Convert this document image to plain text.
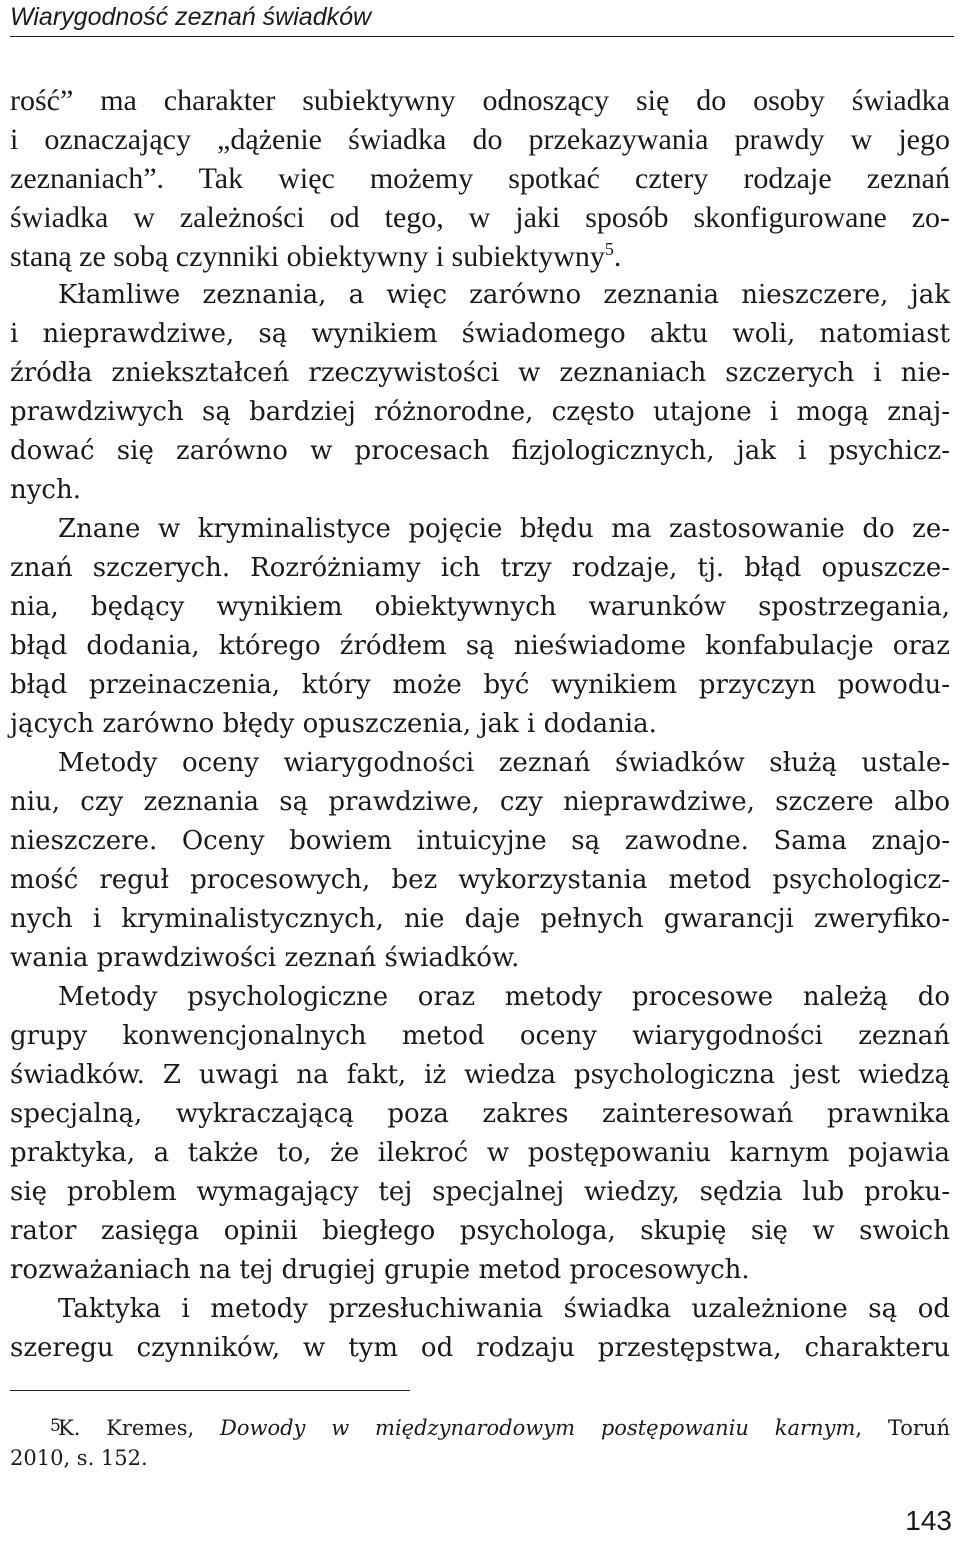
Wiarygodność zeznań świadków
rość” ma charakter subiektywny odnoszący się do osoby świadka
i oznaczający „dążenie świadka do przekazywania prawdy w jego
zeznaniach”. Tak więc możemy spotkać cztery rodzaje zeznań
świadka w zależności od tego, w jaki sposób skonfigurowane zo-
staną ze sobą czynniki obiektywny i subiektywny$^5$.
Kłamliwe zeznania, a więc zarówno zeznania nieszczere, jak
i nieprawdziwe, są wynikiem świadomego aktu woli, natomiast
źródła zniekształceń rzeczywistości w zeznaniach szczerych i nie-
prawdziwych są bardziej różnorodne, często utajone i mogą znaj-
dować się zarówno w procesach fizjologicznych, jak i psychicz-
nych.
Znane w kryminalistyce pojęcie błędu ma zastosowanie do ze-
znań szczerych. Rozróżniamy ich trzy rodzaje, tj. błąd opuszcze-
nia, będący wynikiem obiektywnych warunków spostrzegania,
błąd dodania, którego źródłem są nieświadome konfabulacje oraz
błąd przeinaczenia, który może być wynikiem przyczyn powodu-
jących zarówno błędy opuszczenia, jak i dodania.
Metody oceny wiarygodności zeznań świadków służą ustale-
niu, czy zeznania są prawdziwe, czy nieprawdziwe, szczere albo
nieszczere. Oceny bowiem intuicyjne są zawodne. Sama znajo-
mość reguł procesowych, bez wykorzystania metod psychologicz-
nych i kryminalistycznych, nie daje pełnych gwarancji zweryfiko-
wania prawdziwości zeznań świadków.
Metody psychologiczne oraz metody procesowe należą do
grupy konwencjonalnych metod oceny wiarygodności zeznań
świadków. Z uwagi na fakt, iż wiedza psychologiczna jest wiedzą
specjalną, wykraczającą poza zakres zainteresowań prawnika
praktyka, a także to, że ilekroć w postępowaniu karnym pojawia
się problem wymagający tej specjalnej wiedzy, sędzia lub proku-
rator zasięga opinii biegłego psychologa, skupię się w swoich
rozważaniach na tej drugiej grupie metod procesowych.
Taktyka i metody przesłuchiwania świadka uzależnione są od
szeregu czynników, w tym od rodzaju przestępstwa, charakteru
5K. Kremes, Dowody w międzynarodowym postępowaniu karnym, Toruń
2010, s. 152.
143
